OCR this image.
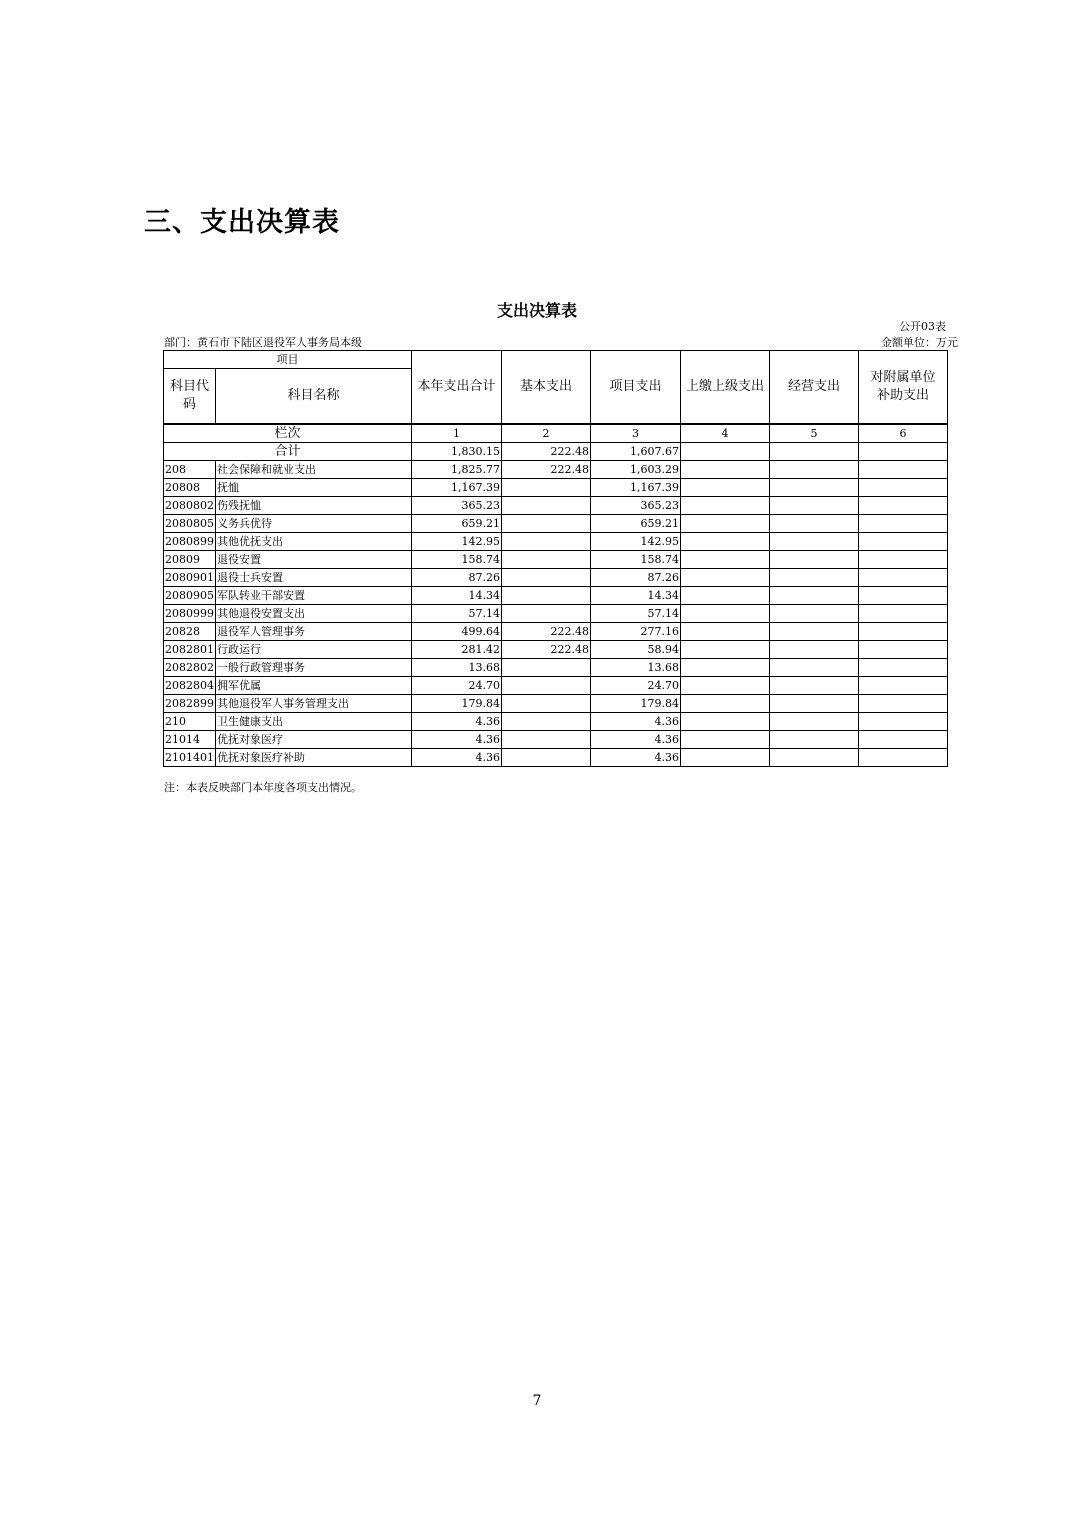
三、支出决算表
支出决算表
公开03表
部门：黄石市下陆区退役军人事务局本级	金额单位：万元
项目		本年支出合计	基本支出	项目支出	上缴上级支出	经营支出	对附属单位补助支出
科目代码	科目名称						
栏次		1	2	3	4	5	6
合计		1,830.15	222.48	1,607.67			
208	社会保障和就业支出	1,825.77	222.48	1,603.29			
20808	抚恤	1,167.39		1,167.39			
2080802	伤残抚恤	365.23		365.23			
2080805	义务兵优待	659.21		659.21			
2080899	其他优抚支出	142.95		142.95			
20809	退役安置	158.74		158.74			
2080901	退役士兵安置	87.26		87.26			
2080905	军队转业干部安置	14.34		14.34			
2080999	其他退役安置支出	57.14		57.14			
20828	退役军人管理事务	499.64	222.48	277.16			
2082801	行政运行	281.42	222.48	58.94			
2082802	一般行政管理事务	13.68		13.68			
2082804	拥军优属	24.70		24.70			
2082899	其他退役军人事务管理支出	179.84		179.84			
210	卫生健康支出	4.36		4.36			
21014	优抚对象医疗	4.36		4.36			
2101401	优抚对象医疗补助	4.36		4.36			
注：本表反映部门本年度各项支出情况。
7
